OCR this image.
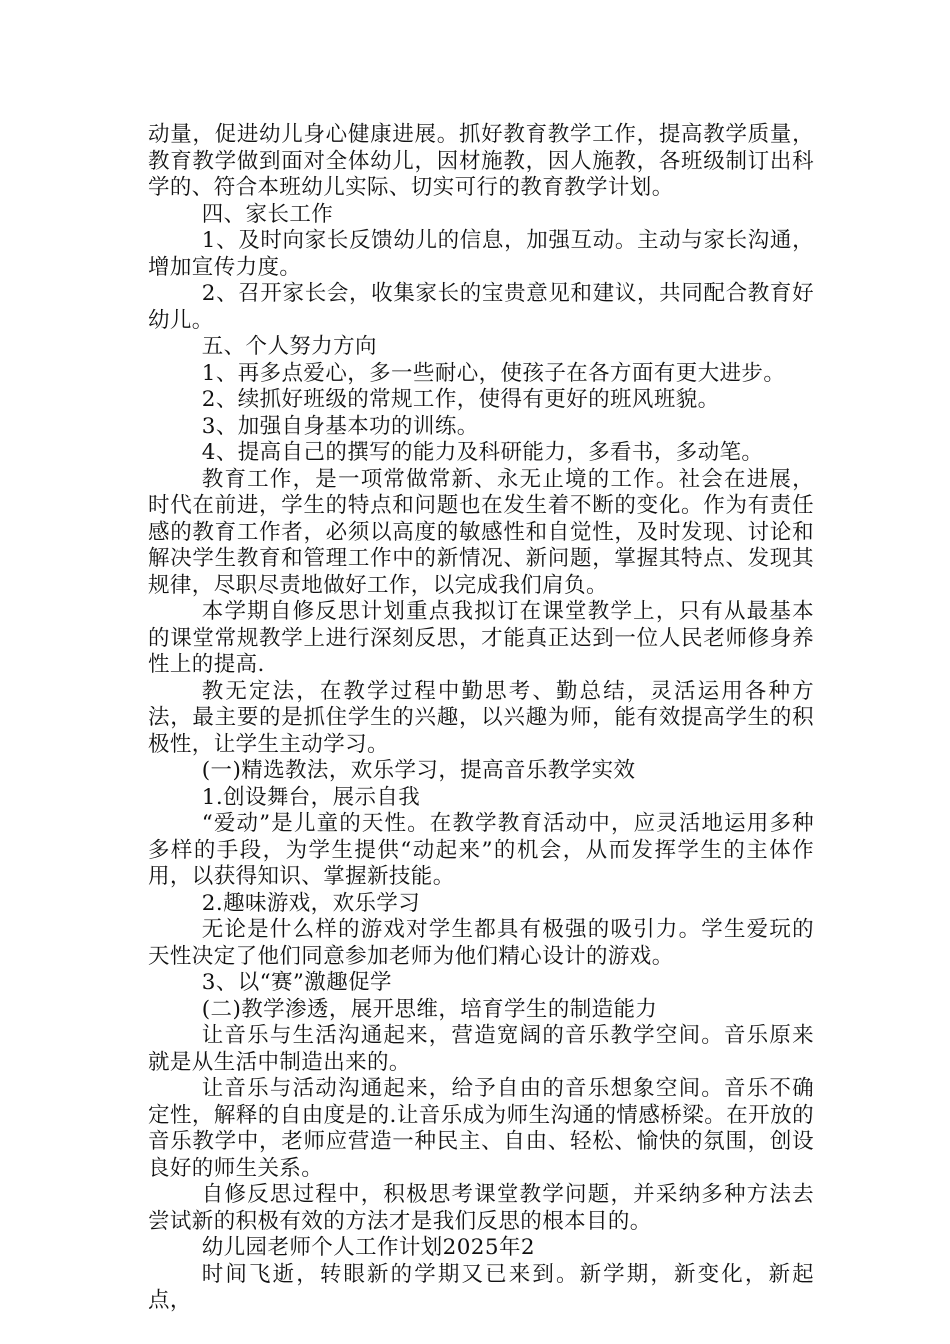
动量，促进幼儿身心健康进展。抓好教育教学工作，提高教学质量，教育教学做到面对全体幼儿，因材施教，因人施教，各班级制订出科学的、符合本班幼儿实际、切实可行的教育教学计划。

四、家长工作

1、及时向家长反馈幼儿的信息，加强互动。主动与家长沟通，增加宣传力度。

2、召开家长会，收集家长的宝贵意见和建议，共同配合教育好幼儿。

五、个人努力方向

1、再多点爱心，多一些耐心，使孩子在各方面有更大进步。

2、续抓好班级的常规工作，使得有更好的班风班貌。

3、加强自身基本功的训练。

4、提高自己的撰写的能力及科研能力，多看书，多动笔。

教育工作，是一项常做常新、永无止境的工作。社会在进展，时代在前进，学生的特点和问题也在发生着不断的变化。作为有责任感的教育工作者，必须以高度的敏感性和自觉性，及时发现、讨论和解决学生教育和管理工作中的新情况、新问题，掌握其特点、发现其规律，尽职尽责地做好工作，以完成我们肩负。

本学期自修反思计划重点我拟订在课堂教学上，只有从最基本的课堂常规教学上进行深刻反思，才能真正达到一位人民老师修身养性上的提高.

教无定法，在教学过程中勤思考、勤总结，灵活运用各种方法，最主要的是抓住学生的兴趣，以兴趣为师，能有效提高学生的积极性，让学生主动学习。

(一)精选教法，欢乐学习，提高音乐教学实效

1.创设舞台，展示自我

“爱动”是儿童的天性。在教学教育活动中，应灵活地运用多种多样的手段，为学生提供“动起来”的机会，从而发挥学生的主体作用，以获得知识、掌握新技能。

2.趣味游戏，欢乐学习

无论是什么样的游戏对学生都具有极强的吸引力。学生爱玩的天性决定了他们同意参加老师为他们精心设计的游戏。

3、以“赛”激趣促学

(二)教学渗透，展开思维，培育学生的制造能力

让音乐与生活沟通起来，营造宽阔的音乐教学空间。音乐原来就是从生活中制造出来的。

让音乐与活动沟通起来，给予自由的音乐想象空间。音乐不确定性，解释的自由度是的.让音乐成为师生沟通的情感桥梁。在开放的音乐教学中，老师应营造一种民主、自由、轻松、愉快的氛围，创设良好的师生关系。

自修反思过程中，积极思考课堂教学问题，并采纳多种方法去尝试新的积极有效的方法才是我们反思的根本目的。

幼儿园老师个人工作计划2025年2

时间飞逝，转眼新的学期又已来到。新学期，新变化，新起点，
